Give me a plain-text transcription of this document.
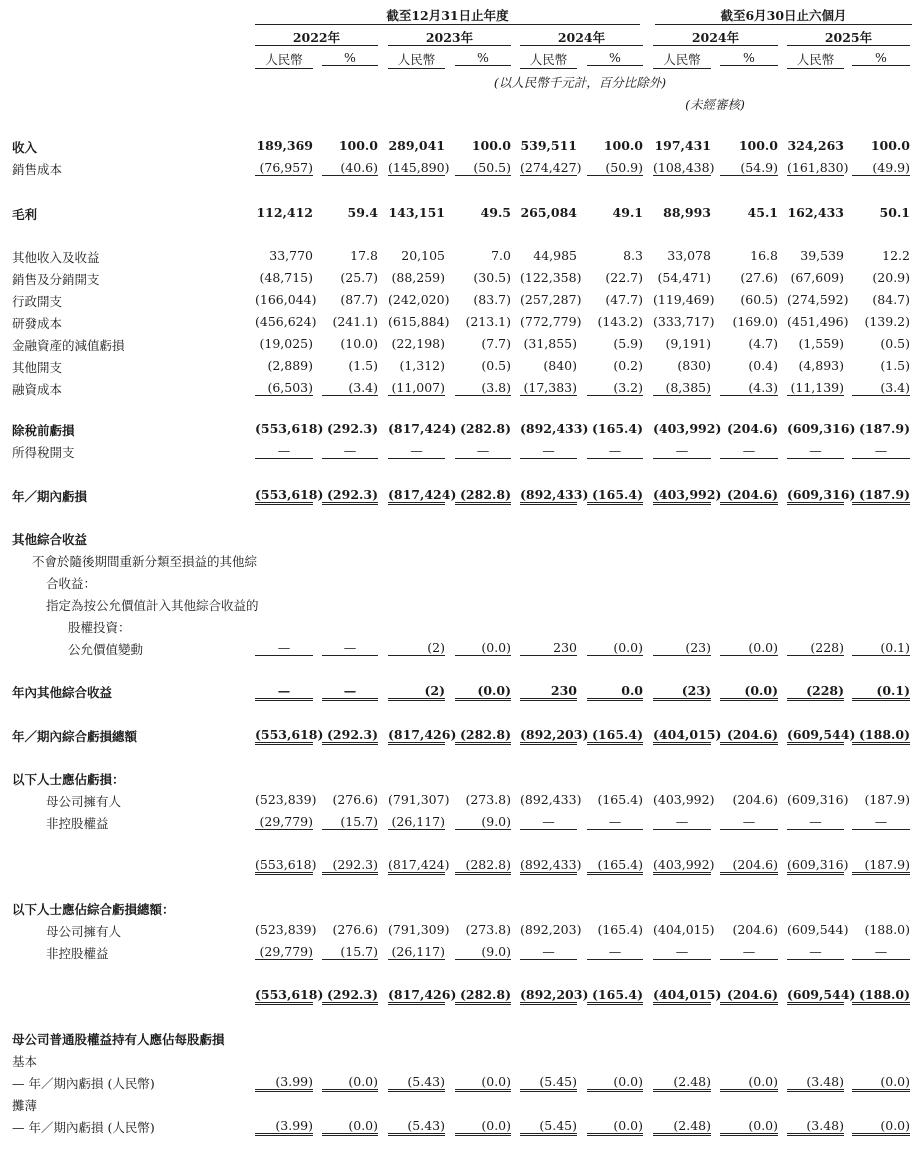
截至12月31日止年度	截至6月30日止六個月
2022年
人民幣	%
2023年
人民幣	%
2024年
人民幣	%
2024年
人民幣	%
2025年
人民幣	%
(以人民幣千元計，百分比除外)
(未經審核)
收入	189,369	100.0 289,041	100.0 539,511	100.0 197,431	100.0 324,263	100.0
銷售成本	(76,957)	(40.6) (145,890)	(50.5) (274,427)	(50.9) (108,438)	(54.9) (161,830)	(49.9)
毛利	112,412	59.4 143,151	49.5 265,084	49.1	88,993	45.1 162,433	50.1
其他收入及收益	33,770	17.8	20,105	7.0	44,985	8.3	33,078	16.8	39,539	12.2
銷售及分銷開支	(48,715)	(25.7) (88,259)	(30.5) (122,358)	(22.7)	(54,471)	(27.6) (67,609)	(20.9)
行政開支	(166,044)	(87.7) (242,020)	(83.7) (257,287)	(47.7) (119,469)	(60.5) (274,592)	(84.7)
研發成本	(456,624)	(241.1) (615,884)	(213.1) (772,779)	(143.2) (333,717)	(169.0) (451,496)	(139.2)
金融資產的減值虧損	(19,025)	(10.0) (22,198)	(7.7) (31,855)	(5.9)	(9,191)	(4.7)	(1,559)	(0.5)
其他開支	(2,889)	(1.5)	(1,312)	(0.5)	(840)	(0.2)	(830)	(0.4)	(4,893)	(1.5)
融資成本	(6,503)	(3.4) (11,007)	(3.8) (17,383)	(3.2)	(8,385)	(4.3) (11,139)	(3.4)
除稅前虧損	(553,618) (292.3) (817,424) (282.8) (892,433) (165.4) (403,992) (204.6) (609,316) (187.9)
所得稅開支	—	—	—	—	—	—	—	—	—	—
年／期內虧損	(553,618) (292.3) (817,424) (282.8) (892,433) (165.4) (403,992) (204.6) (609,316) (187.9)
其他綜合收益
不會於隨後期間重新分類至損益的其他綜
合收益：
指定為按公允價值計入其他綜合收益的
股權投資：
公允價值變動	—	—	(2)	(0.0)	230	(0.0)	(23)	(0.0)	(228)	(0.1)
年內其他綜合收益	—	—	(2)	(0.0)	230	0.0	(23)	(0.0)	(228)	(0.1)
年／期內綜合虧損總額	(553,618) (292.3) (817,426) (282.8) (892,203) (165.4) (404,015) (204.6) (609,544) (188.0)
以下人士應佔虧損：
母公司擁有人	(523,839)	(276.6) (791,307)	(273.8) (892,433)	(165.4) (403,992)	(204.6) (609,316)	(187.9)
非控股權益	(29,779)	(15.7) (26,117)	(9.0)	—	—	—	—	—	—
(553,618)	(292.3) (817,424)	(282.8) (892,433)	(165.4) (403,992)	(204.6) (609,316)	(187.9)
以下人士應佔綜合虧損總額：
母公司擁有人	(523,839)	(276.6) (791,309)	(273.8) (892,203)	(165.4) (404,015)	(204.6) (609,544)	(188.0)
非控股權益	(29,779)	(15.7) (26,117)	(9.0)	—	—	—	—	—	—
(553,618) (292.3) (817,426) (282.8) (892,203) (165.4) (404,015) (204.6) (609,544) (188.0)
母公司普通股權益持有人應佔每股虧損
基本
— 年／期內虧損 (人民幣)	(3.99)	(0.0)	(5.43)	(0.0)	(5.45)	(0.0)	(2.48)	(0.0)	(3.48)	(0.0)
攤薄
— 年／期內虧損 (人民幣)	(3.99)	(0.0)	(5.43)	(0.0)	(5.45)	(0.0)	(2.48)	(0.0)	(3.48)	(0.0)
